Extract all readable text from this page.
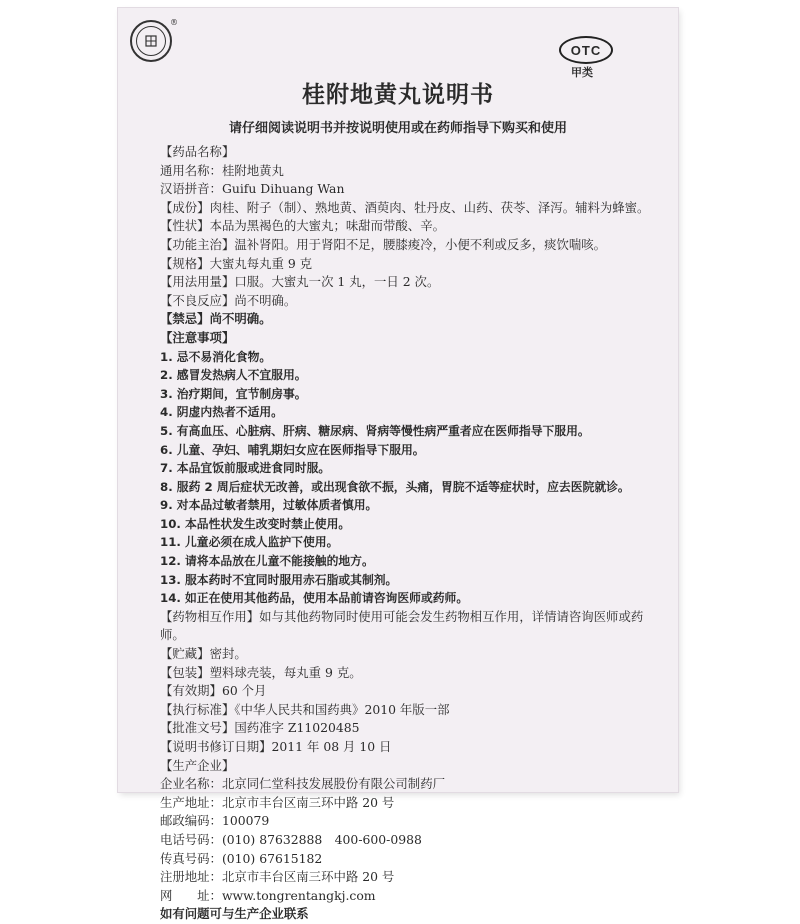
®
OTC
甲类
桂附地黄丸说明书
请仔细阅读说明书并按说明使用或在药师指导下购买和使用
【药品名称】
通用名称：桂附地黄丸
汉语拼音：Guifu Dihuang Wan
【成份】肉桂、附子（制）、熟地黄、酒萸肉、牡丹皮、山药、茯苓、泽泻。辅料为蜂蜜。
【性状】本品为黑褐色的大蜜丸；味甜而带酸、辛。
【功能主治】温补肾阳。用于肾阳不足，腰膝痠冷，小便不利或反多，痰饮喘咳。
【规格】大蜜丸每丸重 9 克
【用法用量】口服。大蜜丸一次 1 丸，一日 2 次。
【不良反应】尚不明确。
【禁忌】尚不明确。
【注意事项】
1. 忌不易消化食物。
2. 感冒发热病人不宜服用。
3. 治疗期间，宜节制房事。
4. 阴虚内热者不适用。
5. 有高血压、心脏病、肝病、糖尿病、肾病等慢性病严重者应在医师指导下服用。
6. 儿童、孕妇、哺乳期妇女应在医师指导下服用。
7. 本品宜饭前服或进食同时服。
8. 服药 2 周后症状无改善，或出现食欲不振，头痛，胃脘不适等症状时，应去医院就诊。
9. 对本品过敏者禁用，过敏体质者慎用。
10. 本品性状发生改变时禁止使用。
11. 儿童必须在成人监护下使用。
12. 请将本品放在儿童不能接触的地方。
13. 服本药时不宜同时服用赤石脂或其制剂。
14. 如正在使用其他药品，使用本品前请咨询医师或药师。
【药物相互作用】如与其他药物同时使用可能会发生药物相互作用，详情请咨询医师或药师。
【贮藏】密封。
【包装】塑料球壳装，每丸重 9 克。
【有效期】60 个月
【执行标准】《中华人民共和国药典》2010 年版一部
【批准文号】国药准字 Z11020485
【说明书修订日期】2011 年 08 月 10 日
【生产企业】
企业名称：北京同仁堂科技发展股份有限公司制药厂
生产地址：北京市丰台区南三环中路 20 号
邮政编码：100079
电话号码：(010) 87632888　400-600-0988
传真号码：(010) 67615182
注册地址：北京市丰台区南三环中路 20 号
网　　址：www.tongrentangkj.com
如有问题可与生产企业联系
